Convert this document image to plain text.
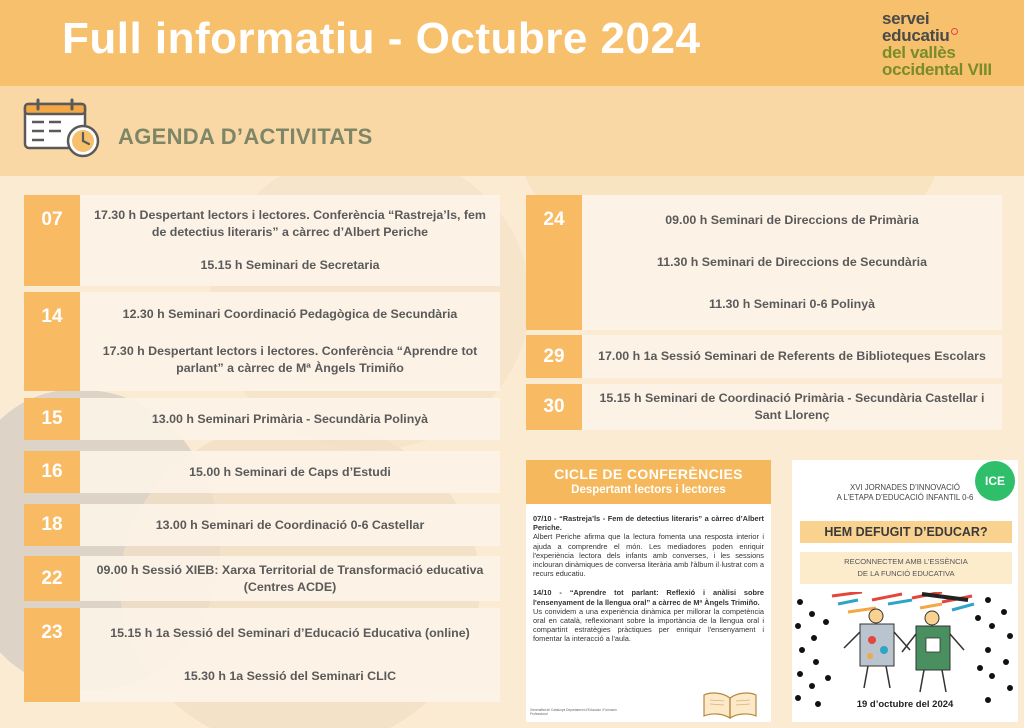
Full informatiu - Octubre 2024	servei
educatiu
del vallès
occidental VIII
AGENDA D’ACTIVITATS
07	17.30 h Despertant lectors i lectores. Conferència “Rastreja’ls, fem de detectius literaris” a càrrec d’Albert Periche
15.15 h Seminari de Secretaria
14	12.30 h Seminari Coordinació Pedagògica de Secundària
17.30 h Despertant lectors i lectores. Conferència “Aprendre tot parlant” a càrrec de Mª Àngels Trimiño
15	13.00 h Seminari Primària - Secundària Polinyà
16	15.00 h Seminari de Caps d’Estudi
18	13.00 h Seminari de Coordinació 0-6 Castellar
22	09.00 h Sessió XIEB: Xarxa Territorial de Transformació educativa (Centres ACDE)
23	15.15 h 1a Sessió del Seminari d’Educació Educativa (online)
15.30 h 1a Sessió del Seminari CLIC
24	09.00 h Seminari de Direccions de Primària
11.30 h Seminari de Direccions de Secundària
11.30 h Seminari 0-6 Polinyà
29	17.00 h 1a Sessió Seminari de Referents de Biblioteques Escolars
30	15.15 h Seminari de Coordinació Primària - Secundària Castellar i Sant Llorenç
CICLE DE CONFERÈNCIES
Despertant lectors i lectores

07/10 - “Rastreja’ls - Fem de detectius literaris” a càrrec d’Albert Periche.
Albert Periche afirma que la lectura fomenta una resposta interior i ajuda a comprendre el món. Les mediadores poden enriquir l'experiència lectora dels infants amb converses, i les sessions inclouran dinàmiques de conversa literària amb l'àlbum il·lustrat com a recurs educatiu.

14/10 - “Aprendre tot parlant: Reflexió i anàlisi sobre l'ensenyament de la llengua oral” a càrrec de Mª Àngels Trimiño.
Us convidem a una experiència dinàmica per millorar la competència oral en català, reflexionant sobre la importància de la llengua oral i compartint estratègies pràctiques per enriquir l'ensenyament i fomentar la interacció a l'aula.

Generalitat de Catalunya Departament d'Educació i Formació Professional
ICE
XVI JORNADES D’INNOVACIÓ
A L’ETAPA D’EDUCACIÓ INFANTIL 0-6
HEM DEFUGIT D’EDUCAR?
RECONNECTEM AMB L’ESSÈNCIA
DE LA FUNCIÓ EDUCATIVA
19 d’octubre del 2024
